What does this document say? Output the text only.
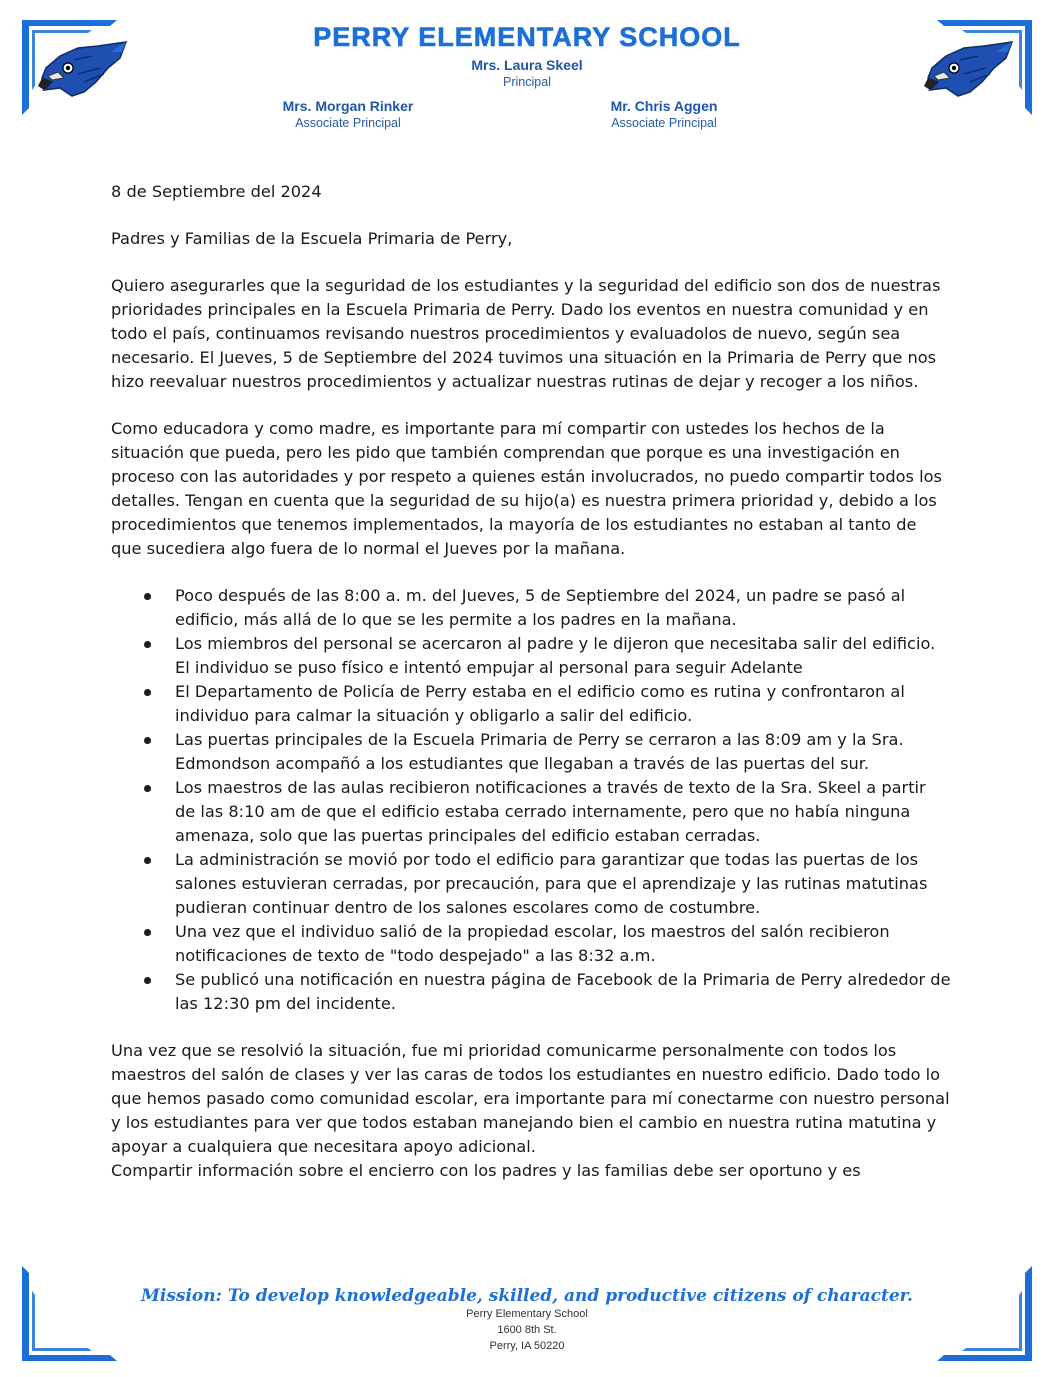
PERRY ELEMENTARY SCHOOL
Mrs. Laura Skeel
Principal
Mrs. Morgan Rinker
Associate Principal
Mr. Chris Aggen
Associate Principal
8 de Septiembre del 2024
Padres y Familias de la Escuela Primaria de Perry,
Quiero asegurarles que la seguridad de los estudiantes y la seguridad del edificio son dos de nuestras prioridades principales en la Escuela Primaria de Perry. Dado los eventos en nuestra comunidad y en todo el país, continuamos revisando nuestros procedimientos y evaluadolos de nuevo, según sea necesario. El Jueves, 5 de Septiembre del 2024 tuvimos una situación en la Primaria de Perry que nos hizo reevaluar nuestros procedimientos y actualizar nuestras rutinas de dejar y recoger a los niños.
Como educadora y como madre, es importante para mí compartir con ustedes los hechos de la situación que pueda, pero les pido que también comprendan que porque es una investigación en proceso con las autoridades y por respeto a quienes están involucrados, no puedo compartir todos los detalles. Tengan en cuenta que la seguridad de su hijo(a) es nuestra primera prioridad y, debido a los procedimientos que tenemos implementados, la mayoría de los estudiantes no estaban al tanto de que sucediera algo fuera de lo normal el Jueves por la mañana.
Poco después de las 8:00 a. m. del Jueves, 5 de Septiembre del 2024, un padre se pasó al edificio, más allá de lo que se les permite a los padres en la mañana.
Los miembros del personal se acercaron al padre y le dijeron que necesitaba salir del edificio. El individuo se puso físico e intentó empujar al personal para seguir Adelante
El Departamento de Policía de Perry estaba en el edificio como es rutina y confrontaron al individuo para calmar la situación y obligarlo a salir del edificio.
Las puertas principales de la Escuela Primaria de Perry se cerraron a las 8:09 am y la Sra. Edmondson acompañó a los estudiantes que llegaban a través de las puertas del sur.
Los maestros de las aulas recibieron notificaciones a través de texto de la Sra. Skeel a partir de las 8:10 am de que el edificio estaba cerrado internamente, pero que no había ninguna amenaza, solo que las puertas principales del edificio estaban cerradas.
La administración se movió por todo el edificio para garantizar que todas las puertas de los salones estuvieran cerradas, por precaución, para que el aprendizaje y las rutinas matutinas pudieran continuar dentro de los salones escolares como de costumbre.
Una vez que el individuo salió de la propiedad escolar, los maestros del salón recibieron notificaciones de texto de "todo despejado" a las 8:32 a.m.
Se publicó una notificación en nuestra página de Facebook de la Primaria de Perry alrededor de las 12:30 pm del incidente.
Una vez que se resolvió la situación, fue mi prioridad comunicarme personalmente con todos los maestros del salón de clases y ver las caras de todos los estudiantes en nuestro edificio. Dado todo lo que hemos pasado como comunidad escolar, era importante para mí conectarme con nuestro personal y los estudiantes para ver que todos estaban manejando bien el cambio en nuestra rutina matutina y apoyar a cualquiera que necesitara apoyo adicional.
Compartir información sobre el encierro con los padres y las familias debe ser oportuno y es
Mission: To develop knowledgeable, skilled, and productive citizens of character.
Perry Elementary School
1600 8th St.
Perry, IA 50220
